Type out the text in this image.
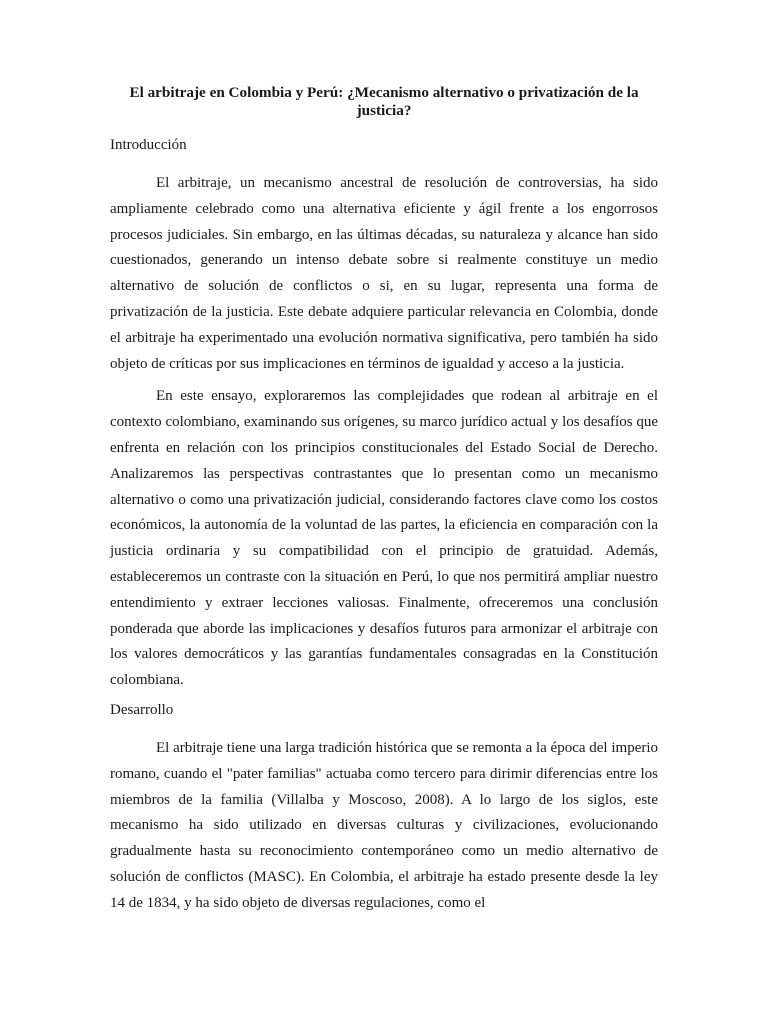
El arbitraje en Colombia y Perú: ¿Mecanismo alternativo o privatización de la justicia?
Introducción

El arbitraje, un mecanismo ancestral de resolución de controversias, ha sido ampliamente celebrado como una alternativa eficiente y ágil frente a los engorrosos procesos judiciales. Sin embargo, en las últimas décadas, su naturaleza y alcance han sido cuestionados, generando un intenso debate sobre si realmente constituye un medio alternativo de solución de conflictos o si, en su lugar, representa una forma de privatización de la justicia. Este debate adquiere particular relevancia en Colombia, donde el arbitraje ha experimentado una evolución normativa significativa, pero también ha sido objeto de críticas por sus implicaciones en términos de igualdad y acceso a la justicia.

En este ensayo, exploraremos las complejidades que rodean al arbitraje en el contexto colombiano, examinando sus orígenes, su marco jurídico actual y los desafíos que enfrenta en relación con los principios constitucionales del Estado Social de Derecho. Analizaremos las perspectivas contrastantes que lo presentan como un mecanismo alternativo o como una privatización judicial, considerando factores clave como los costos económicos, la autonomía de la voluntad de las partes, la eficiencia en comparación con la justicia ordinaria y su compatibilidad con el principio de gratuidad. Además, estableceremos un contraste con la situación en Perú, lo que nos permitirá ampliar nuestro entendimiento y extraer lecciones valiosas. Finalmente, ofreceremos una conclusión ponderada que aborde las implicaciones y desafíos futuros para armonizar el arbitraje con los valores democráticos y las garantías fundamentales consagradas en la Constitución colombiana.

Desarrollo

El arbitraje tiene una larga tradición histórica que se remonta a la época del imperio romano, cuando el "pater familias" actuaba como tercero para dirimir diferencias entre los miembros de la familia (Villalba y Moscoso, 2008). A lo largo de los siglos, este mecanismo ha sido utilizado en diversas culturas y civilizaciones, evolucionando gradualmente hasta su reconocimiento contemporáneo como un medio alternativo de solución de conflictos (MASC). En Colombia, el arbitraje ha estado presente desde la ley 14 de 1834, y ha sido objeto de diversas regulaciones, como el
